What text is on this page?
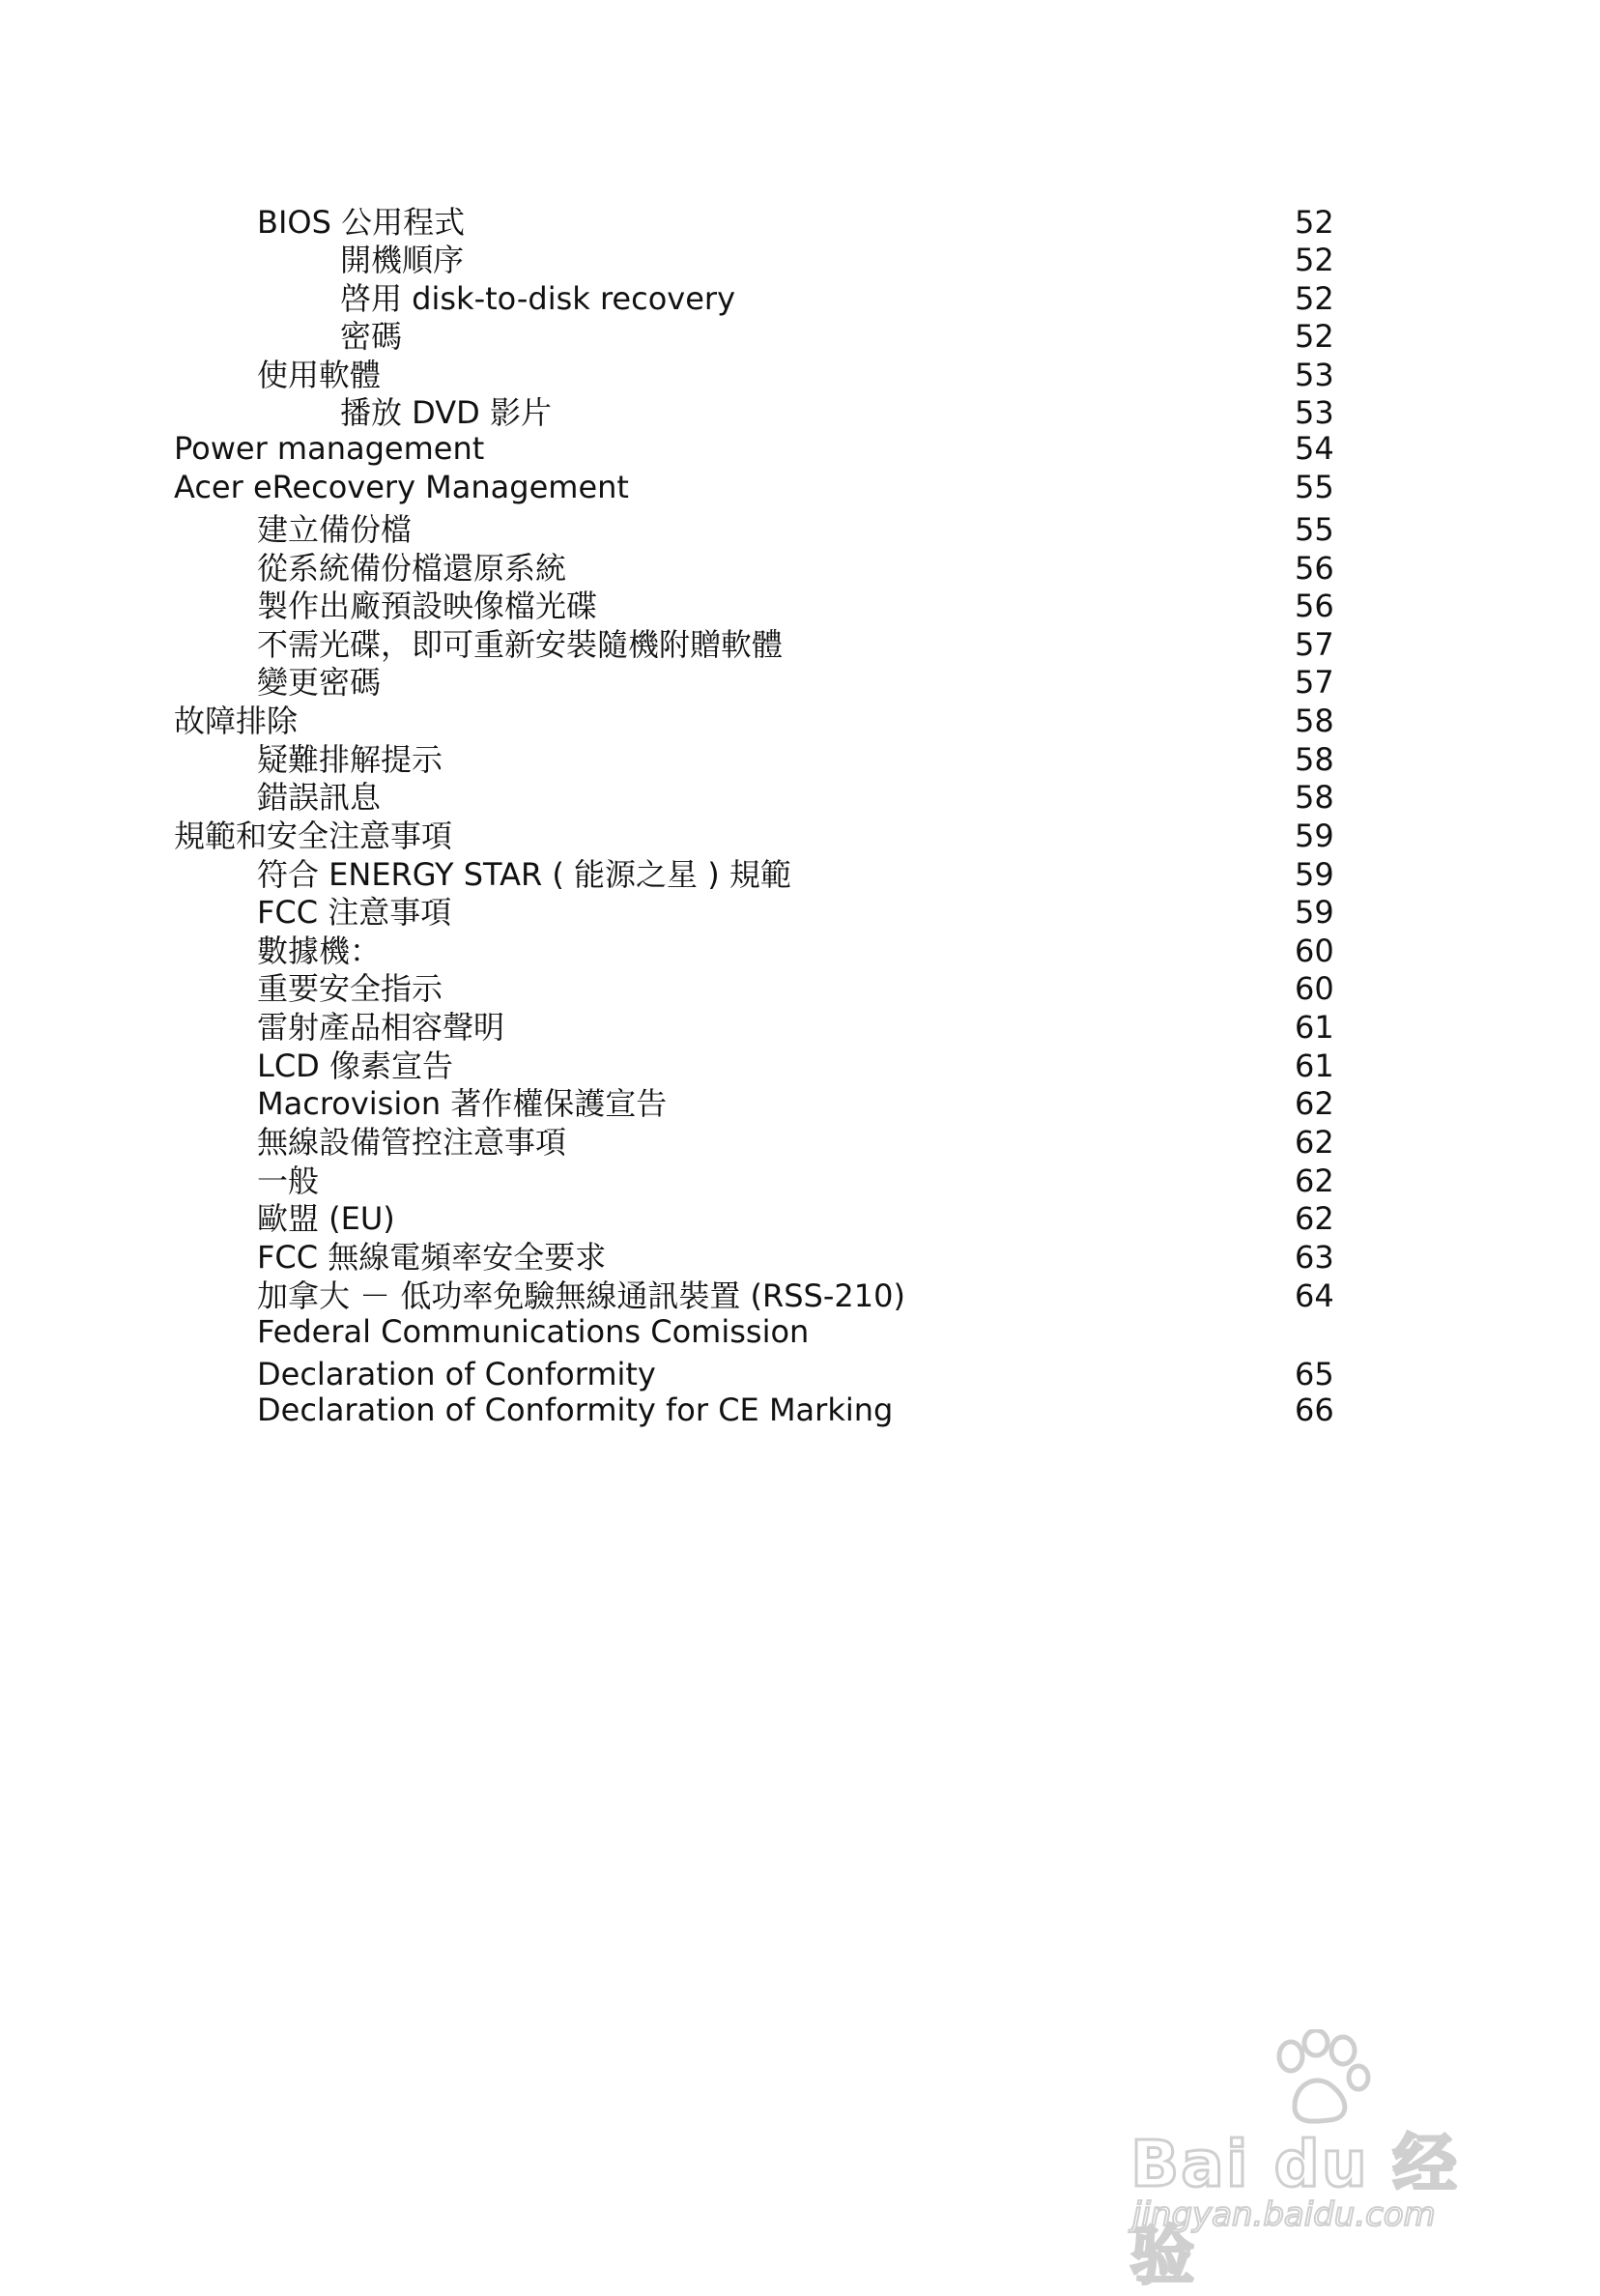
BIOS 公用程式	52
開機順序	52
啓用 disk-to-disk recovery	52
密碼	52
使用軟體	53
播放 DVD 影片	53
Power management	54
Acer eRecovery Management	55
建立備份檔	55
從系統備份檔還原系統	56
製作出廠預設映像檔光碟	56
不需光碟，即可重新安裝隨機附贈軟體	57
變更密碼	57
故障排除	58
疑難排解提示	58
錯誤訊息	58
規範和安全注意事項	59
符合 ENERGY STAR ( 能源之星 ) 規範	59
FCC 注意事項	59
數據機：	60
重要安全指示	60
雷射產品相容聲明	61
LCD 像素宣告	61
Macrovision 著作權保護宣告	62
無線設備管控注意事項	62
一般	62
歐盟 (EU)	62
FCC 無線電頻率安全要求	63
加拿大 － 低功率免驗無線通訊裝置 (RSS-210)	64
Federal Communications Comission
Declaration of Conformity	65
Declaration of Conformity for CE Marking	66
Bai du 经验
jingyan.baidu.com
